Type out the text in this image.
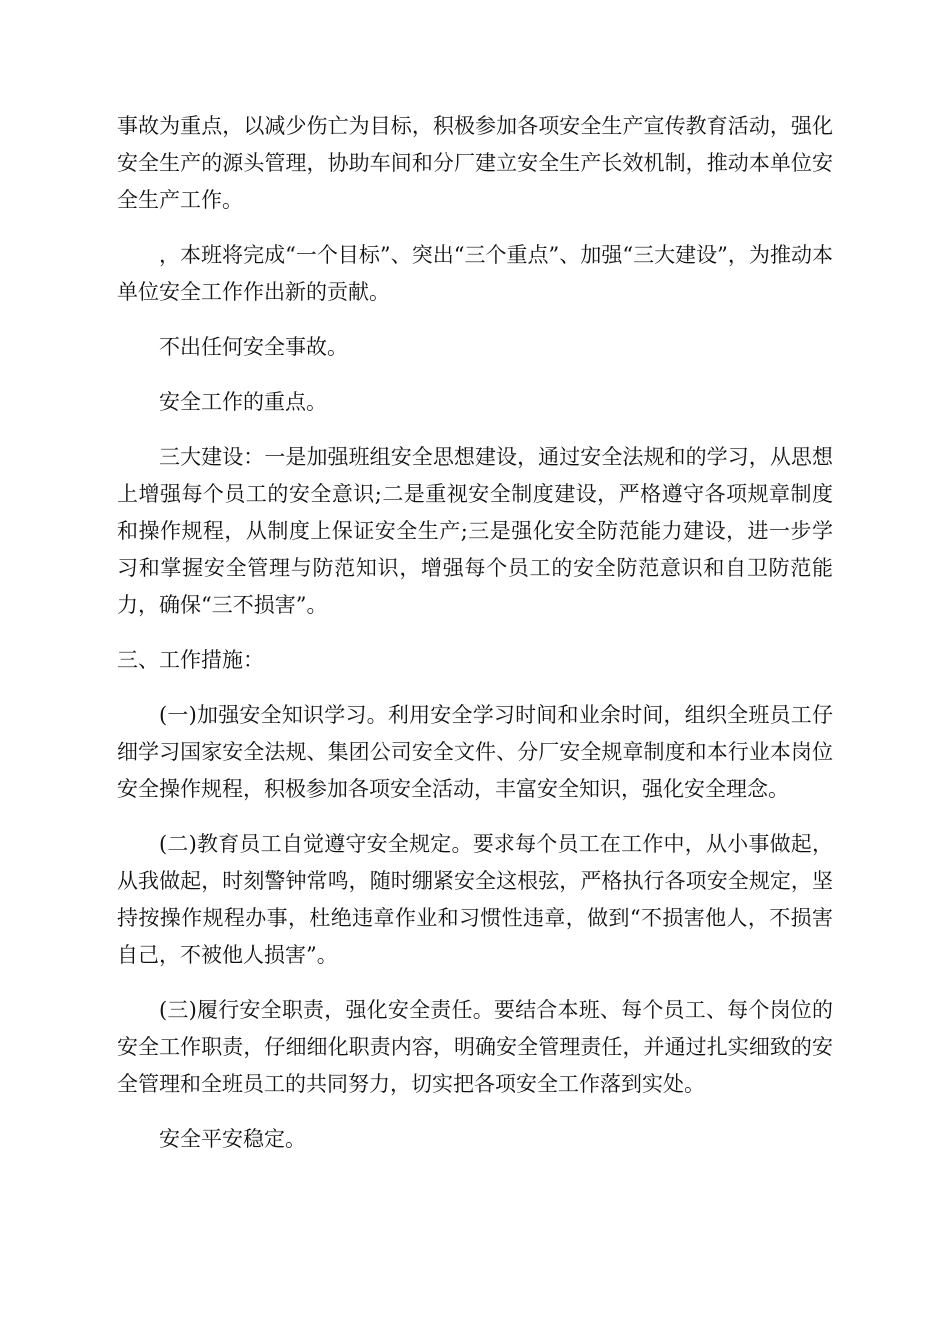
事故为重点，以减少伤亡为目标，积极参加各项安全生产宣传教育活动，强化安全生产的源头管理，协助车间和分厂建立安全生产长效机制，推动本单位安全生产工作。

，本班将完成“一个目标”、突出“三个重点”、加强“三大建设”，为推动本单位安全工作作出新的贡献。

不出任何安全事故。

安全工作的重点。

三大建设：一是加强班组安全思想建设，通过安全法规和的学习，从思想上增强每个员工的安全意识;二是重视安全制度建设，严格遵守各项规章制度和操作规程，从制度上保证安全生产;三是强化安全防范能力建设，进一步学习和掌握安全管理与防范知识，增强每个员工的安全防范意识和自卫防范能力，确保“三不损害”。

三、工作措施：

(一)加强安全知识学习。利用安全学习时间和业余时间，组织全班员工仔细学习国家安全法规、集团公司安全文件、分厂安全规章制度和本行业本岗位安全操作规程，积极参加各项安全活动，丰富安全知识，强化安全理念。

(二)教育员工自觉遵守安全规定。要求每个员工在工作中，从小事做起，从我做起，时刻警钟常鸣，随时绷紧安全这根弦，严格执行各项安全规定，坚持按操作规程办事，杜绝违章作业和习惯性违章，做到“不损害他人，不损害自己，不被他人损害”。

(三)履行安全职责，强化安全责任。要结合本班、每个员工、每个岗位的安全工作职责，仔细细化职责内容，明确安全管理责任，并通过扎实细致的安全管理和全班员工的共同努力，切实把各项安全工作落到实处。

安全平安稳定。
